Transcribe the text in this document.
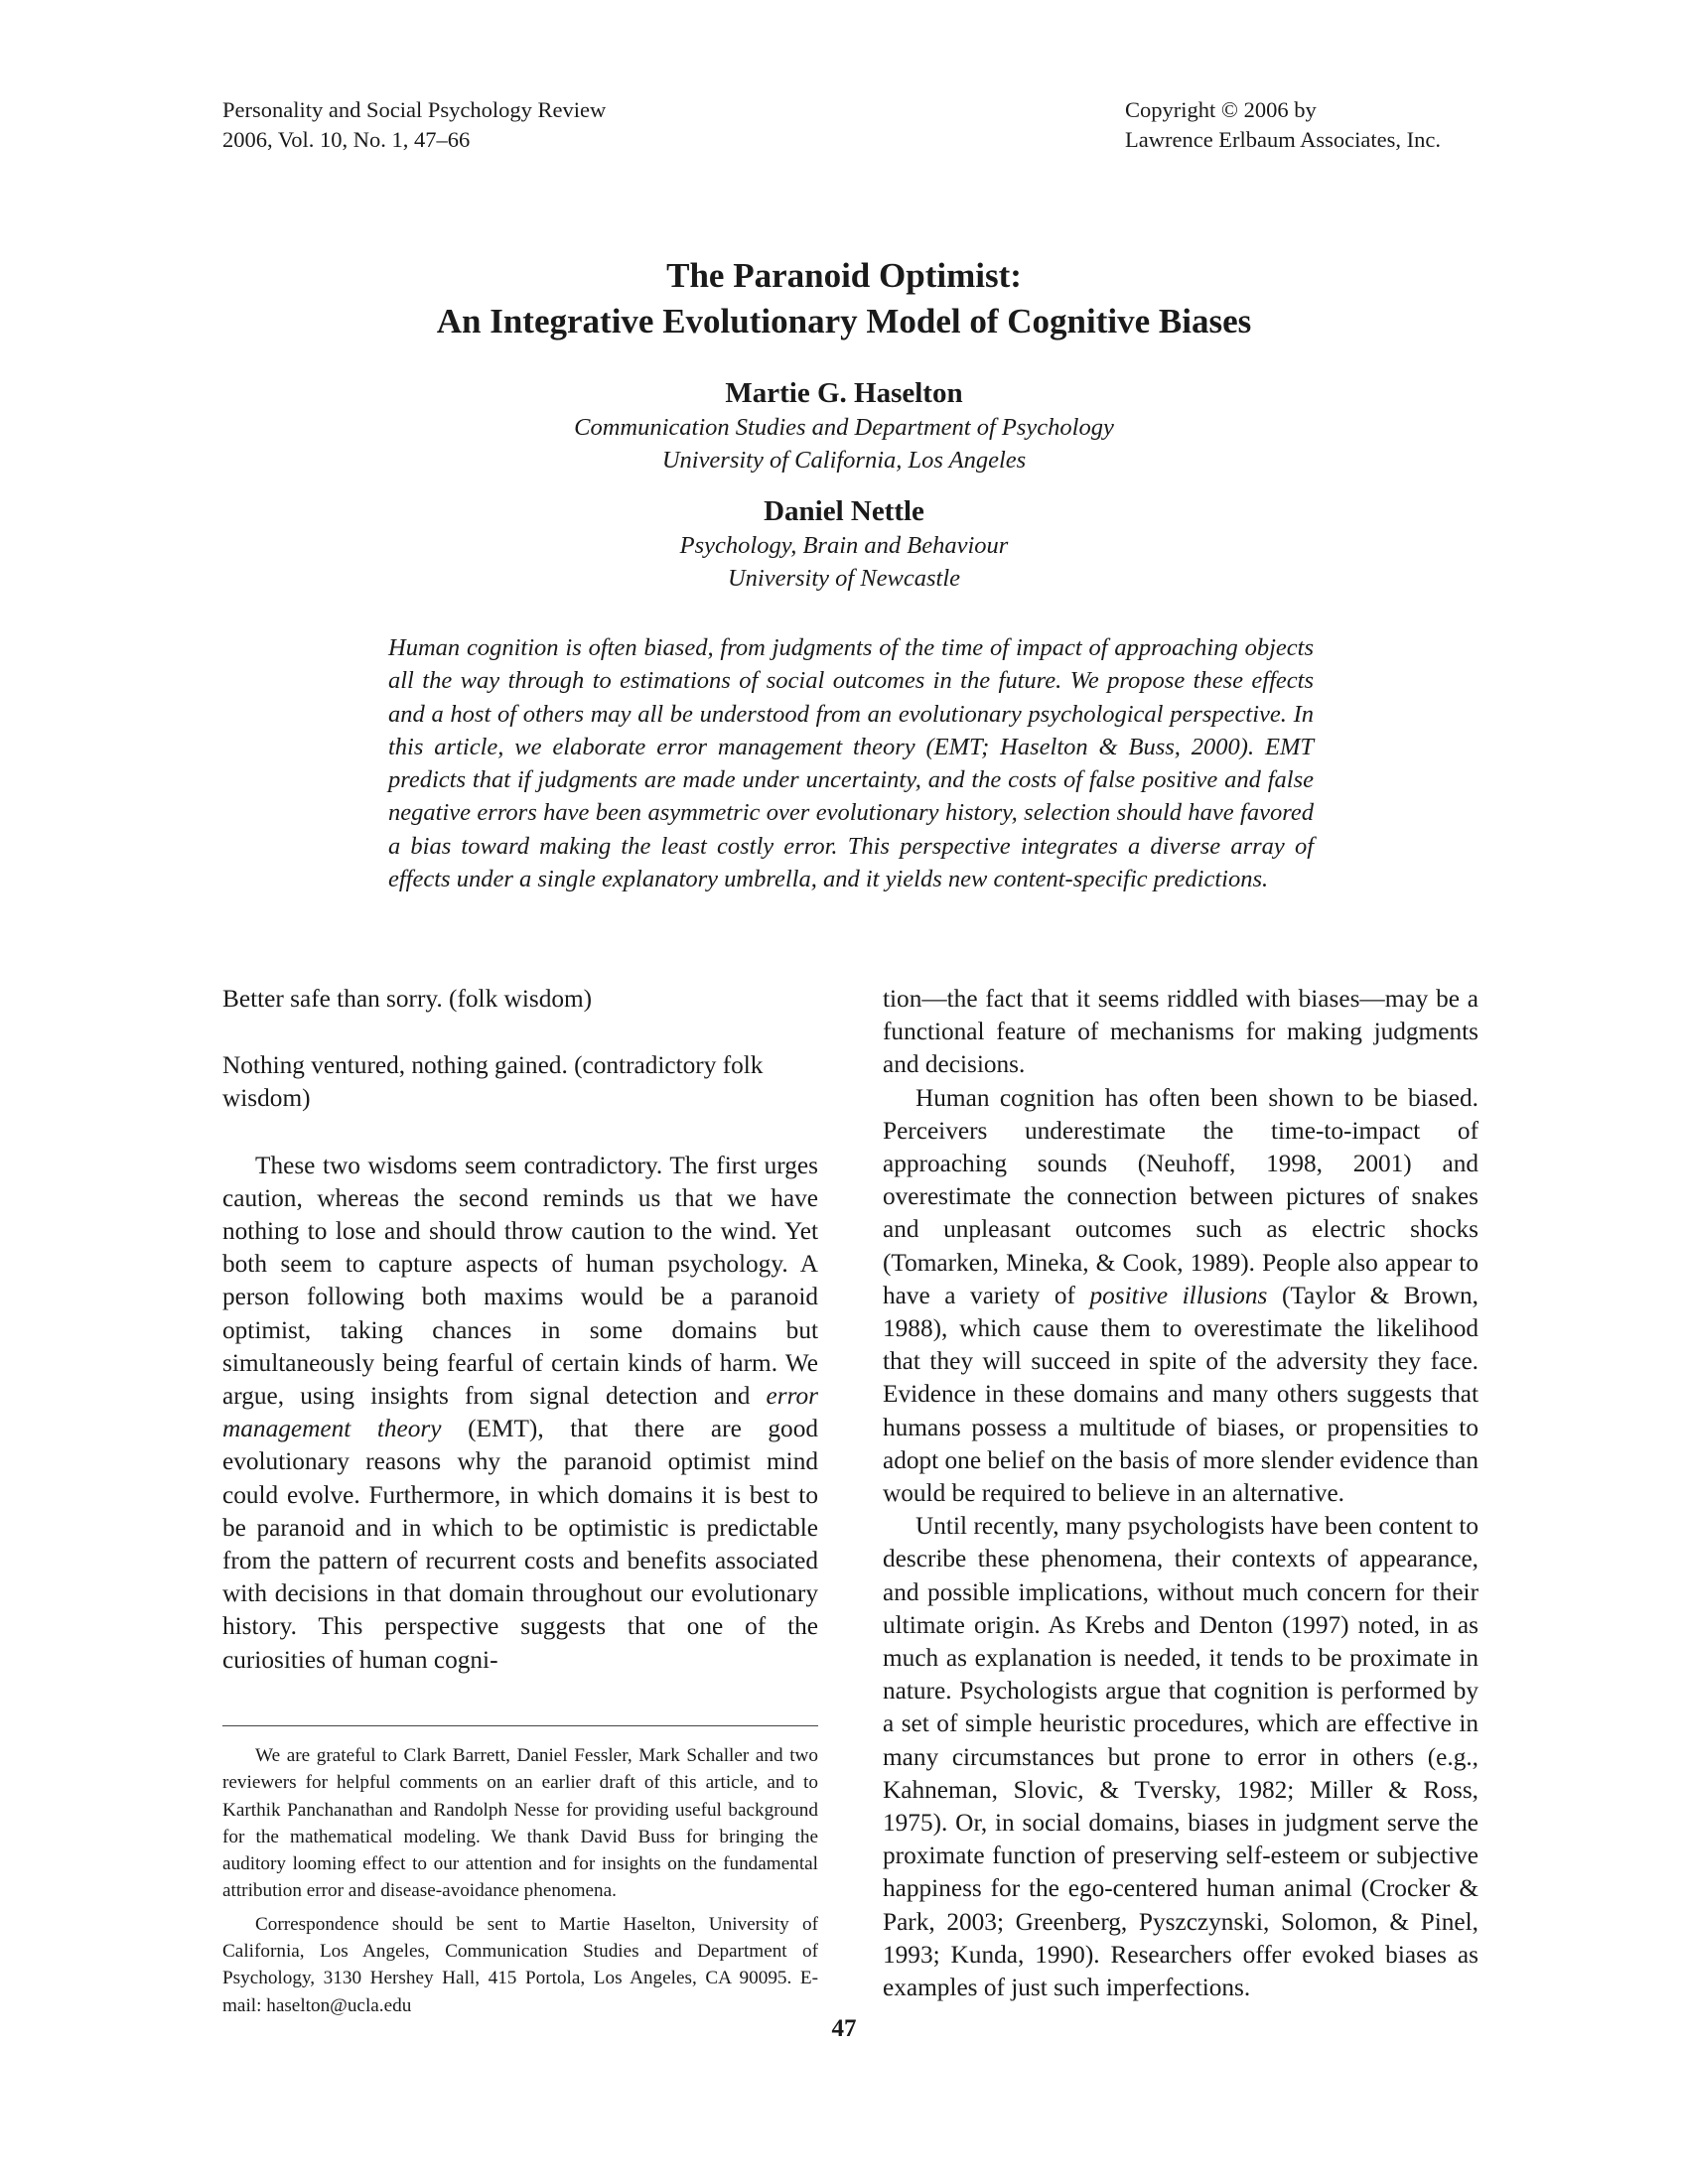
Personality and Social Psychology Review
2006, Vol. 10, No. 1, 47–66
Copyright © 2006 by
Lawrence Erlbaum Associates, Inc.
The Paranoid Optimist:
An Integrative Evolutionary Model of Cognitive Biases
Martie G. Haselton
Communication Studies and Department of Psychology
University of California, Los Angeles
Daniel Nettle
Psychology, Brain and Behaviour
University of Newcastle
Human cognition is often biased, from judgments of the time of impact of approaching objects all the way through to estimations of social outcomes in the future. We propose these effects and a host of others may all be understood from an evolutionary psychological perspective. In this article, we elaborate error management theory (EMT; Haselton & Buss, 2000). EMT predicts that if judgments are made under uncertainty, and the costs of false positive and false negative errors have been asymmetric over evolutionary history, selection should have favored a bias toward making the least costly error. This perspective integrates a diverse array of effects under a single explanatory umbrella, and it yields new content-specific predictions.

Better safe than sorry. (folk wisdom)

Nothing ventured, nothing gained. (contradictory folk wisdom)

These two wisdoms seem contradictory. The first urges caution, whereas the second reminds us that we have nothing to lose and should throw caution to the wind. Yet both seem to capture aspects of human psychology. A person following both maxims would be a paranoid optimist, taking chances in some domains but simultaneously being fearful of certain kinds of harm. We argue, using insights from signal detection and error management theory (EMT), that there are good evolutionary reasons why the paranoid optimist mind could evolve. Furthermore, in which domains it is best to be paranoid and in which to be optimistic is predictable from the pattern of recurrent costs and benefits associated with decisions in that domain throughout our evolutionary history. This perspective suggests that one of the curiosities of human cogni-

We are grateful to Clark Barrett, Daniel Fessler, Mark Schaller and two reviewers for helpful comments on an earlier draft of this article, and to Karthik Panchanathan and Randolph Nesse for providing useful background for the mathematical modeling. We thank David Buss for bringing the auditory looming effect to our attention and for insights on the fundamental attribution error and disease-avoidance phenomena.

Correspondence should be sent to Martie Haselton, University of California, Los Angeles, Communication Studies and Department of Psychology, 3130 Hershey Hall, 415 Portola, Los Angeles, CA 90095. E-mail: haselton@ucla.edu

tion—the fact that it seems riddled with biases—may be a functional feature of mechanisms for making judgments and decisions.

Human cognition has often been shown to be biased. Perceivers underestimate the time-to-impact of approaching sounds (Neuhoff, 1998, 2001) and overestimate the connection between pictures of snakes and unpleasant outcomes such as electric shocks (Tomarken, Mineka, & Cook, 1989). People also appear to have a variety of positive illusions (Taylor & Brown, 1988), which cause them to overestimate the likelihood that they will succeed in spite of the adversity they face. Evidence in these domains and many others suggests that humans possess a multitude of biases, or propensities to adopt one belief on the basis of more slender evidence than would be required to believe in an alternative.

Until recently, many psychologists have been content to describe these phenomena, their contexts of appearance, and possible implications, without much concern for their ultimate origin. As Krebs and Denton (1997) noted, in as much as explanation is needed, it tends to be proximate in nature. Psychologists argue that cognition is performed by a set of simple heuristic procedures, which are effective in many circumstances but prone to error in others (e.g., Kahneman, Slovic, & Tversky, 1982; Miller & Ross, 1975). Or, in social domains, biases in judgment serve the proximate function of preserving self-esteem or subjective happiness for the ego-centered human animal (Crocker & Park, 2003; Greenberg, Pyszczynski, Solomon, & Pinel, 1993; Kunda, 1990). Researchers offer evoked biases as examples of just such imperfections.

47
